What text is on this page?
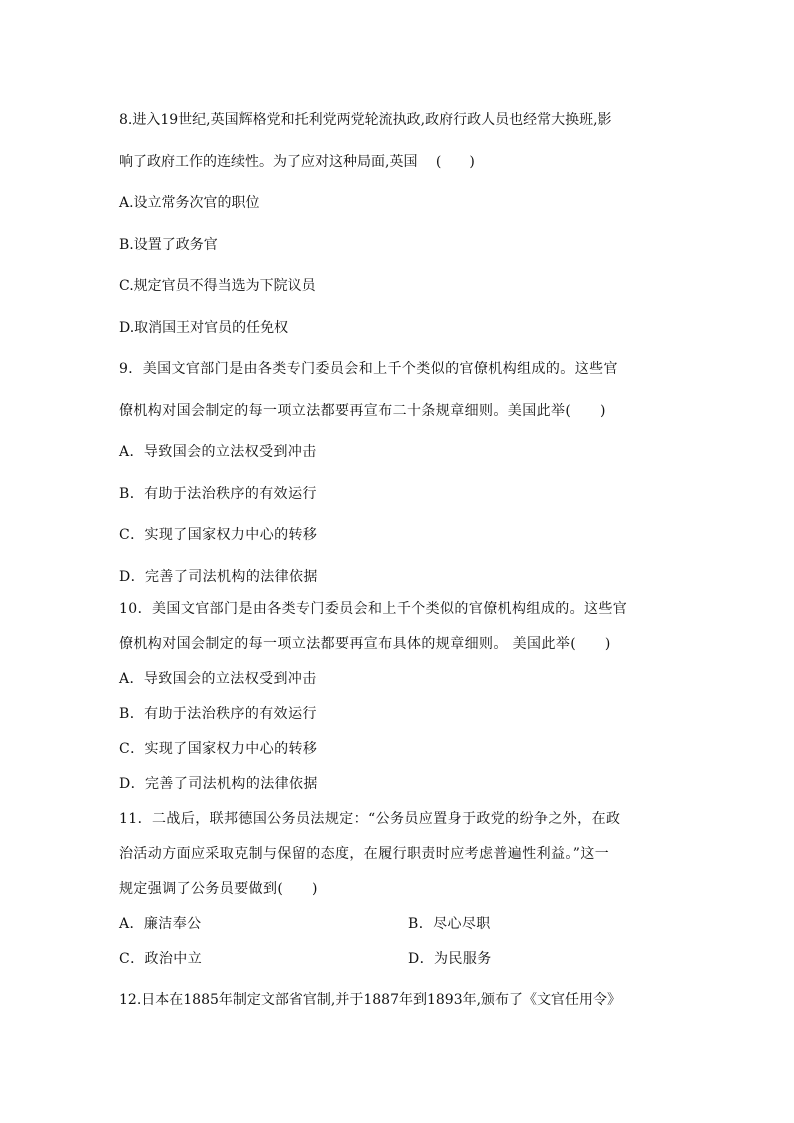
8.进入19世纪,英国辉格党和托利党两党轮流执政,政府行政人员也经常大换班,影
响了政府工作的连续性。为了应对这种局面,英国　 (　　)
A.设立常务次官的职位
B.设置了政务官
C.规定官员不得当选为下院议员
D.取消国王对官员的任免权
9．美国文官部门是由各类专门委员会和上千个类似的官僚机构组成的。这些官
僚机构对国会制定的每一项立法都要再宣布二十条规章细则。美国此举(　　)
A．导致国会的立法权受到冲击
B．有助于法治秩序的有效运行
C．实现了国家权力中心的转移
D．完善了司法机构的法律依据
10．美国文官部门是由各类专门委员会和上千个类似的官僚机构组成的。这些官
僚机构对国会制定的每一项立法都要再宣布具体的规章细则。 美国此举(　　)
A．导致国会的立法权受到冲击
B．有助于法治秩序的有效运行
C．实现了国家权力中心的转移
D．完善了司法机构的法律依据
11．二战后，联邦德国公务员法规定：“公务员应置身于政党的纷争之外，在政
治活动方面应采取克制与保留的态度，在履行职责时应考虑普遍性利益。”这一
规定强调了公务员要做到(　　)
A．廉洁奉公	B．尽心尽职
C．政治中立	D．为民服务
12.日本在1885年制定文部省官制,并于1887年到1893年,颁布了《文官任用令》
